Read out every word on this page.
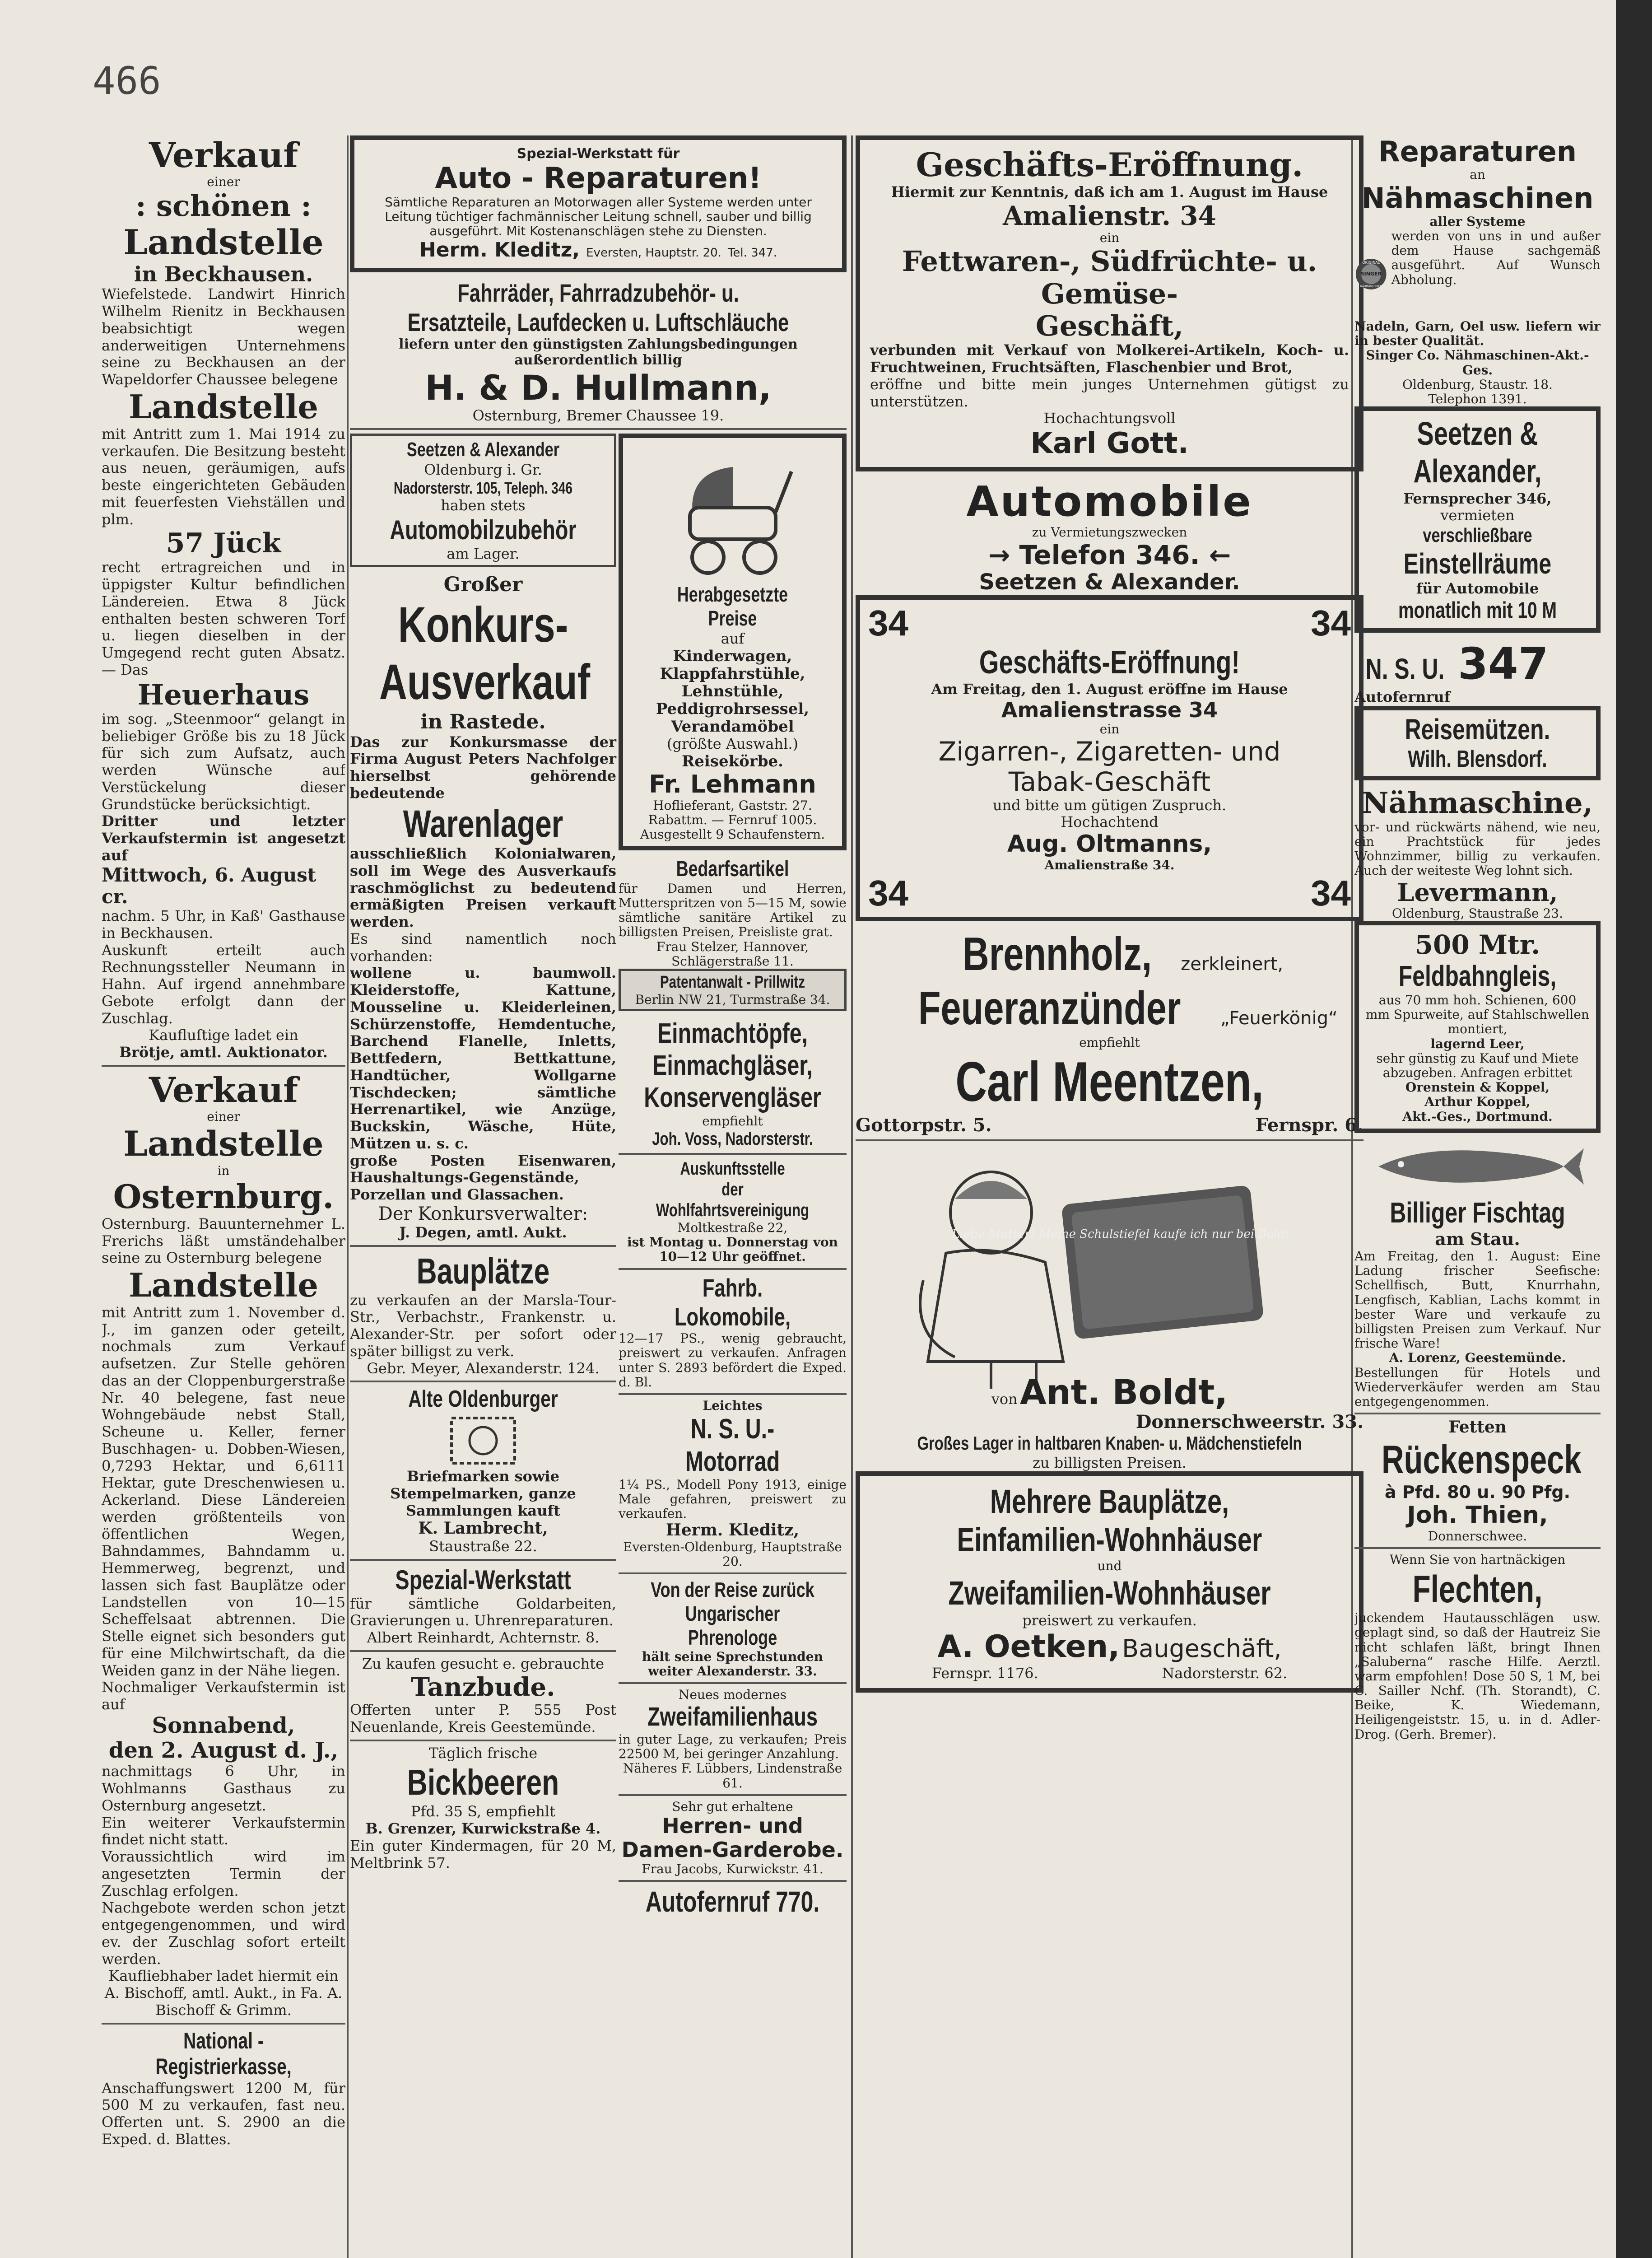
466

Verkauf

einer

: schönen :

Landstelle

in Beckhausen.

Wiefelstede. Landwirt Hinrich Wilhelm Rienitz in Beckhausen beabsichtigt wegen anderweitigen Unternehmens seine zu Beckhausen an der Wapeldorfer Chaussee belegene

Landstelle

mit Antritt zum 1. Mai 1914 zu verkaufen. Die Besitzung besteht aus neuen, geräumigen, aufs beste eingerichteten Gebäuden mit feuerfesten Viehställen und plm.

57 Jück

recht ertragreichen und in üppigster Kultur befindlichen Ländereien. Etwa 8 Jück enthalten besten schweren Torf u. liegen dieselben in der Umgegend recht guten Absatz. — Das

Heuerhaus

im sog. „Steenmoor“ gelangt in beliebiger Größe bis zu 18 Jück für sich zum Aufsatz, auch werden Wünsche auf Verstückelung dieser Grundstücke berücksichtigt.

Dritter und letzter Verkaufstermin ist angesetzt auf

Mittwoch, 6. August cr.

nachm. 5 Uhr, in Kaß' Gasthause in Beckhausen.

Auskunft erteilt auch Rechnungssteller Neumann in Hahn. Auf irgend annehmbare Gebote erfolgt dann der Zuschlag.

Kaufluſtige ladet ein

Brötje, amtl. Auktionator.

Verkauf

einer

Landstelle

in

Osternburg.

Osternburg. Bauunternehmer L. Frerichs läßt umständehalber seine zu Osternburg belegene

Landstelle

mit Antritt zum 1. November d. J., im ganzen oder geteilt, nochmals zum Verkauf aufsetzen. Zur Stelle gehören das an der Cloppenburgerstraße Nr. 40 belegene, fast neue Wohngebäude nebst Stall, Scheune u. Keller, ferner Buschhagen- u. Dobben-Wiesen, 0,7293 Hektar, und 6,6111 Hektar, gute Dreschenwiesen u. Ackerland. Diese Ländereien werden größtenteils von öffentlichen Wegen, Bahndammes, Bahndamm u. Hemmerweg, begrenzt, und lassen sich fast Bauplätze oder Landstellen von 10—15 Scheffelsaat abtrennen. Die Stelle eignet sich besonders gut für eine Milchwirtschaft, da die Weiden ganz in der Nähe liegen.

Nochmaliger Verkaufstermin ist auf

Sonnabend,

den 2. August d. J.,

nachmittags 6 Uhr, in Wohlmanns Gasthaus zu Osternburg angesetzt.

Ein weiterer Verkaufstermin findet nicht statt.

Voraussichtlich wird im angesetzten Termin der Zuschlag erfolgen.

Nachgebote werden schon jetzt entgegengenommen, und wird ev. der Zuschlag sofort erteilt werden.

Kaufliebhaber ladet hiermit ein

A. Bischoff, amtl. Aukt., in Fa. A. Bischoff & Grimm.

National - Registrierkasse,

Anschaffungswert 1200 M, für 500 M zu verkaufen, fast neu. Offerten unt. S. 2900 an die Exped. d. Blattes.

Spezial-Werkstatt für

Auto - Reparaturen!

Sämtliche Reparaturen an Motorwagen aller Systeme werden unter Leitung tüchtiger fachmännischer Leitung schnell, sauber und billig ausgeführt. Mit Kostenanschlägen stehe zu Diensten.

Herm. Kleditz, Eversten, Hauptstr. 20. Tel. 347.

Fahrräder, Fahrradzubehör- u. Ersatzteile, Laufdecken u. Luftschläuche

liefern unter den günstigsten Zahlungsbedingungen außerordentlich billig

H. & D. Hullmann,

Osternburg, Bremer Chaussee 19.

Seetzen & Alexander

Oldenburg i. Gr.

Nadorsterstr. 105, Teleph. 346

haben stets

Automobilzubehör

am Lager.

Großer

Konkurs-

Ausverkauf

in Rastede.

Das zur Konkursmasse der Firma August Peters Nachfolger hierselbst gehörende bedeutende

Warenlager

ausschließlich Kolonialwaren, soll im Wege des Ausverkaufs raschmöglichst zu bedeutend ermäßigten Preisen verkauft werden.

Es sind namentlich noch vorhanden:

wollene u. baumwoll. Kleiderstoffe, Kattune, Mousseline u. Kleiderleinen, Schürzenstoffe, Hemdentuche, Barchend Flanelle, Inletts, Bettfedern, Bettkattune, Handtücher, Wollgarne Tischdecken; sämtliche Herrenartikel, wie Anzüge, Buckskin, Wäsche, Hüte, Mützen u. s. c.

große Posten Eisenwaren, Haushaltungs-Gegenstände, Porzellan und Glassachen.

Der Konkursverwalter:

J. Degen, amtl. Aukt.

Bauplätze

zu verkaufen an der Marsla-Tour-Str., Verbachstr., Frankenstr. u. Alexander-Str. per sofort oder später billigst zu verk.

Gebr. Meyer, Alexanderstr. 124.

Alte Oldenburger

Briefmarken sowie Stempelmarken, ganze Sammlungen kauft

K. Lambrecht,

Staustraße 22.

Spezial-Werkstatt

für sämtliche Goldarbeiten, Gravierungen u. Uhrenreparaturen.

Albert Reinhardt, Achternstr. 8.

Zu kaufen gesucht e. gebrauchte

Tanzbude.

Offerten unter P. 555 Post Neuenlande, Kreis Geestemünde.

Täglich frische

Bickbeeren

Pfd. 35 S, empfiehlt

B. Grenzer, Kurwickstraße 4.

Ein guter Kindermagen, für 20 M, Meltbrink 57.

Herabgesetzte Preise

auf

Kinderwagen, Klappfahrstühle, Lehnstühle, Peddigrohrsessel, Verandamöbel

(größte Auswahl.)

Reisekörbe.

Fr. Lehmann

Hoflieferant, Gaststr. 27. Rabattm. — Fernruf 1005. Ausgestellt 9 Schaufenstern.

Bedarfsartikel

für Damen und Herren, Mutterspritzen von 5—15 M, sowie sämtliche sanitäre Artikel zu billigsten Preisen, Preisliste grat.

Frau Stelzer, Hannover, Schlägerstraße 11.

Patentanwalt - Prillwitz

Berlin NW 21, Turmstraße 34.

Einmachtöpfe,

Einmachgläser,

Konservengläser

empfiehlt

Joh. Voss, Nadorsterstr.

Auskunftsstelle

der Wohlfahrtsvereinigung

Moltkestraße 22,

ist Montag u. Donnerstag von 10—12 Uhr geöffnet.

Fahrb. Lokomobile,

12—17 PS., wenig gebraucht, preiswert zu verkaufen. Anfragen unter S. 2893 befördert die Exped. d. Bl.

Leichtes

N. S. U.-Motorrad

1¼ PS., Modell Pony 1913, einige Male gefahren, preiswert zu verkaufen.

Herm. Kleditz,

Eversten-Oldenburg, Hauptstraße 20.

Von der Reise zurück

Ungarischer Phrenologe

hält seine Sprechstunden weiter Alexanderstr. 33.

Neues modernes

Zweifamilienhaus

in guter Lage, zu verkaufen; Preis 22500 M, bei geringer Anzahlung.

Näheres F. Lübbers, Lindenstraße 61.

Sehr gut erhaltene

Herren- und Damen-Garderobe.

Frau Jacobs, Kurwickstr. 41.

Autofernruf 770.

Geschäfts-Eröffnung.

Hiermit zur Kenntnis, daß ich am 1. August im Hause

Amalienstr. 34

ein

Fettwaren-, Südfrüchte- u. Gemüse-

Geschäft,

verbunden mit Verkauf von Molkerei-Artikeln, Koch- u. Fruchtweinen, Fruchtsäften, Flaschenbier und Brot,

eröffne und bitte mein junges Unternehmen gütigst zu unterstützen.

Hochachtungsvoll

Karl Gott.

Automobile

zu Vermietungszwecken

→ Telefon 346. ←

Seetzen & Alexander.

34	34

Geschäfts-Eröffnung!

Am Freitag, den 1. August eröffne im Hause

Amalienstrasse 34

ein

Zigarren-, Zigaretten- und

Tabak-Geschäft

und bitte um gütigen Zuspruch.

Hochachtend

Aug. Oltmanns,

Amalienstraße 34.

34	34

Brennholz, zerkleinert,

Feueranzünder „Feuerkönig“

empfiehlt

Carl Meentzen,

Gottorpstr. 5.	Fernspr. 6.

Liebe Mutter! Meine Schulstiefel kaufe ich nur bei Boldt

von Ant. Boldt,

Donnerschweerstr. 33.

Großes Lager in haltbaren Knaben- u. Mädchenstiefeln

zu billigsten Preisen.

Mehrere Bauplätze,

Einfamilien-Wohnhäuser

und

Zweifamilien-Wohnhäuser

preiswert zu verkaufen.

A. Oetken, Baugeschäft,

Fernspr. 1176.	Nadorsterstr. 62.

Reparaturen

an

Nähmaschinen

aller Systeme

ORIGINAL
SINGER
NÄHMASCHINEN

werden von uns in und außer dem Hause sachgemäß ausgeführt. Auf Wunsch Abholung.

Nadeln, Garn, Oel usw. liefern wir in bester Qualität.

Singer Co. Nähmaschinen-Akt.-Ges.

Oldenburg, Staustr. 18.

Telephon 1391.

Seetzen &

Alexander,

Fernsprecher 346,

vermieten

verschließbare

Einstellräume

für Automobile

monatlich mit 10 M

N. S. U. 347

Autofernruf

Reisemützen.

Wilh. Blensdorf.

Nähmaschine,

vor- und rückwärts nähend, wie neu, ein Prachtstück für jedes Wohnzimmer, billig zu verkaufen. Auch der weiteste Weg lohnt sich.

Levermann,

Oldenburg, Staustraße 23.

500 Mtr.

Feldbahngleis,

aus 70 mm hoh. Schienen, 600 mm Spurweite, auf Stahlschwellen montiert,

lagernd Leer,

sehr günstig zu Kauf und Miete abzugeben. Anfragen erbittet

Orenstein & Koppel,

Arthur Koppel,

Akt.-Ges., Dortmund.

Billiger Fischtag

am Stau.

Am Freitag, den 1. August: Eine Ladung frischer Seefische: Schellfisch, Butt, Knurrhahn, Lengfisch, Kablian, Lachs kommt in bester Ware und verkaufe zu billigsten Preisen zum Verkauf. Nur frische Ware!

A. Lorenz, Geestemünde.

Bestellungen für Hotels und Wiederverkäufer werden am Stau entgegengenommen.

Fetten

Rückenspeck

à Pfd. 80 u. 90 Pfg.

Joh. Thien,

Donnerschwee.

Wenn Sie von hartnäckigen

Flechten,

juckendem Hautausschlägen usw. geplagt sind, so daß der Hautreiz Sie nicht schlafen läßt, bringt Ihnen „Saluberna“ rasche Hilfe. Aerztl. warm empfohlen! Dose 50 S, 1 M, bei C. Sailler Nchf. (Th. Storandt), C. Beike, K. Wiedemann, Heiligengeiststr. 15, u. in d. Adler-Drog. (Gerh. Bremer).
